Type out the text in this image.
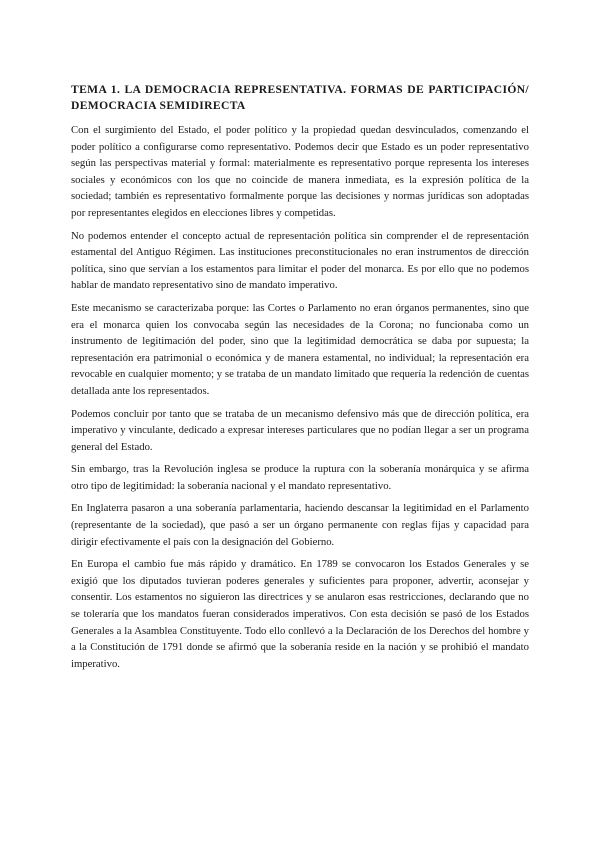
TEMA 1. LA DEMOCRACIA REPRESENTATIVA. FORMAS DE PARTICIPACIÓN/ DEMOCRACIA SEMIDIRECTA

Con el surgimiento del Estado, el poder político y la propiedad quedan desvinculados, comenzando el poder político a configurarse como representativo. Podemos decir que Estado es un poder representativo según las perspectivas material y formal: materialmente es representativo porque representa los intereses sociales y económicos con los que no coincide de manera inmediata, es la expresión política de la sociedad; también es representativo formalmente porque las decisiones y normas jurídicas son adoptadas por representantes elegidos en elecciones libres y competidas.

No podemos entender el concepto actual de representación política sin comprender el de representación estamental del Antiguo Régimen. Las instituciones preconstitucionales no eran instrumentos de dirección política, sino que servían a los estamentos para limitar el poder del monarca. Es por ello que no podemos hablar de mandato representativo sino de mandato imperativo.

Este mecanismo se caracterizaba porque: las Cortes o Parlamento no eran órganos permanentes, sino que era el monarca quien los convocaba según las necesidades de la Corona; no funcionaba como un instrumento de legitimación del poder, sino que la legitimidad democrática se daba por supuesta; la representación era patrimonial o económica y de manera estamental, no individual; la representación era revocable en cualquier momento; y se trataba de un mandato limitado que requería la redención de cuentas detallada ante los representados.

Podemos concluir por tanto que se trataba de un mecanismo defensivo más que de dirección política, era imperativo y vinculante, dedicado a expresar intereses particulares que no podían llegar a ser un programa general del Estado.

Sin embargo, tras la Revolución inglesa se produce la ruptura con la soberanía monárquica y se afirma otro tipo de legitimidad: la soberanía nacional y el mandato representativo.

En Inglaterra pasaron a una soberanía parlamentaria, haciendo descansar la legitimidad en el Parlamento (representante de la sociedad), que pasó a ser un órgano permanente con reglas fijas y capacidad para dirigir efectivamente el país con la designación del Gobierno.

En Europa el cambio fue más rápido y dramático. En 1789 se convocaron los Estados Generales y se exigió que los diputados tuvieran poderes generales y suficientes para proponer, advertir, aconsejar y consentir. Los estamentos no siguieron las directrices y se anularon esas restricciones, declarando que no se toleraría que los mandatos fueran considerados imperativos. Con esta decisión se pasó de los Estados Generales a la Asamblea Constituyente. Todo ello conllevó a la Declaración de los Derechos del hombre y a la Constitución de 1791 donde se afirmó que la soberanía reside en la nación y se prohibió el mandato imperativo.
